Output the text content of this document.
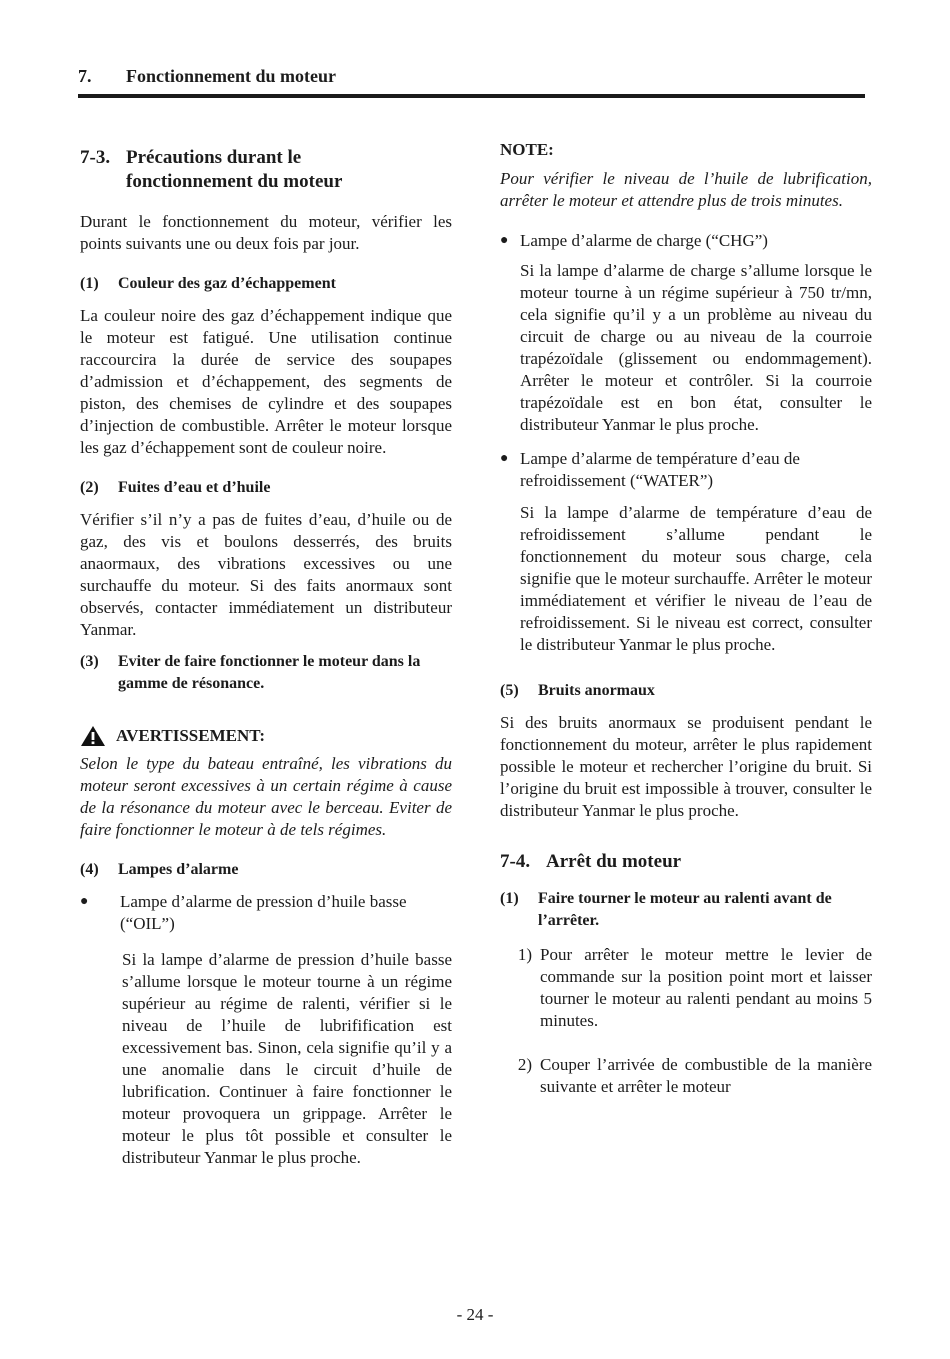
7. Fonctionnement du moteur
7-3. Précautions durant le fonctionnement du moteur

Durant le fonctionnement du moteur, vérifier les points suivants une ou deux fois par jour.

(1)	Couleur des gaz d’échappement

La couleur noire des gaz d’échappement indique que le moteur est fatigué. Une utilisation continue raccourcira la durée de service des soupapes d’admission et d’échappement, des segments de piston, des chemises de cylindre et des soupapes d’injection de combustible. Arrêter le moteur lorsque les gaz d’échappement sont de couleur noire.

(2)	Fuites d’eau et d’huile

Vérifier s’il n’y a pas de fuites d’eau, d’huile ou de gaz, des vis et boulons desserrés, des bruits anaormaux, des vibrations excessives ou une surchauffe du moteur. Si des faits anormaux sont observés, contacter immédiatement un distributeur Yanmar.

(3)	Eviter de faire fonctionner le moteur dans la gamme de résonance.
AVERTISSEMENT:

Selon le type du bateau entraîné, les vibrations du moteur seront excessives à un certain régime à cause de la résonance du moteur avec le berceau. Eviter de faire fonctionner le moteur à de tels régimes.

(4)	Lampes d’alarme
●	Lampe d’alarme de pression d’huile basse (“OIL”)

Si la lampe d’alarme de pression d’huile basse s’allume lorsque le moteur tourne à un régime supérieur au régime de ralenti, vérifier si le niveau de l’huile de lubrifification est excessivement bas. Sinon, cela signifie qu’il y a une anomalie dans le circuit d’huile de lubrification. Continuer à faire fonctionner le moteur provoquera un grippage. Arrêter le moteur le plus tôt possible et consulter le distributeur Yanmar le plus proche.

NOTE:

Pour vérifier le niveau de l’huile de lubrification, arrêter le moteur et attendre plus de trois minutes.

● Lampe d’alarme de charge (“CHG”)

Si la lampe d’alarme de charge s’allume lorsque le moteur tourne à un régime supérieur à 750 tr/mn, cela signifie qu’il y a un problème au niveau du circuit de charge ou au niveau de la courroie trapézoïdale (glissement ou endommagement). Arrêter le moteur et contrôler. Si la courroie trapézoïdale est en bon état, consulter le distributeur Yanmar le plus proche.

● Lampe d’alarme de température d’eau de refroidissement (“WATER”)

Si la lampe d’alarme de température d’eau de refroidissement s’allume pendant le fonctionnement du moteur sous charge, cela signifie que le moteur surchauffe. Arrêter le moteur immédiatement et vérifier le niveau de l’eau de refroidissement. Si le niveau est correct, consulter le distributeur Yanmar le plus proche.

(5)	Bruits anormaux

Si des bruits anormaux se produisent pendant le fonctionnement du moteur, arrêter le plus rapidement possible le moteur et rechercher l’origine du bruit. Si l’origine du bruit est impossible à trouver, consulter le distributeur Yanmar le plus proche.

7-4. Arrêt du moteur
(1)	Faire tourner le moteur au ralenti avant de l’arrêter.
1) Pour arrêter le moteur mettre le levier de commande sur la position point mort et laisser tourner le moteur au ralenti pendant au moins 5 minutes.
2) Couper l’arrivée de combustible de la manière suivante et arrêter le moteur
- 24 -
